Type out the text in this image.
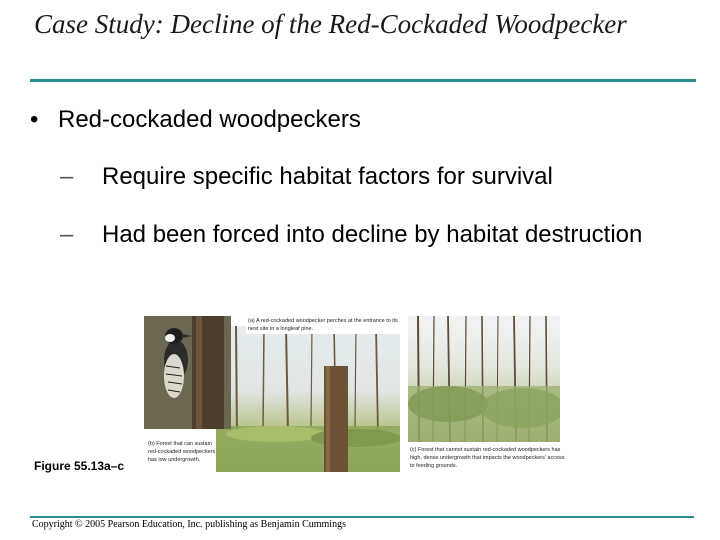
Case Study: Decline of the Red-Cockaded Woodpecker
• Red-cockaded woodpeckers
–	Require specific habitat factors for survival
–	Had been forced into decline by habitat destruction
(a) A red-cockaded woodpecker perches at the entrance to its nest site in a longleaf pine.
(b) Forest that can sustain red-cockaded woodpeckers has low undergrowth.
(c) Forest that cannot sustain red-cockaded woodpeckers has high, dense undergrowth that impacts the woodpeckers' access to feeding grounds.
Figure 55.13a–c
Copyright © 2005 Pearson Education, Inc. publishing as Benjamin Cummings
